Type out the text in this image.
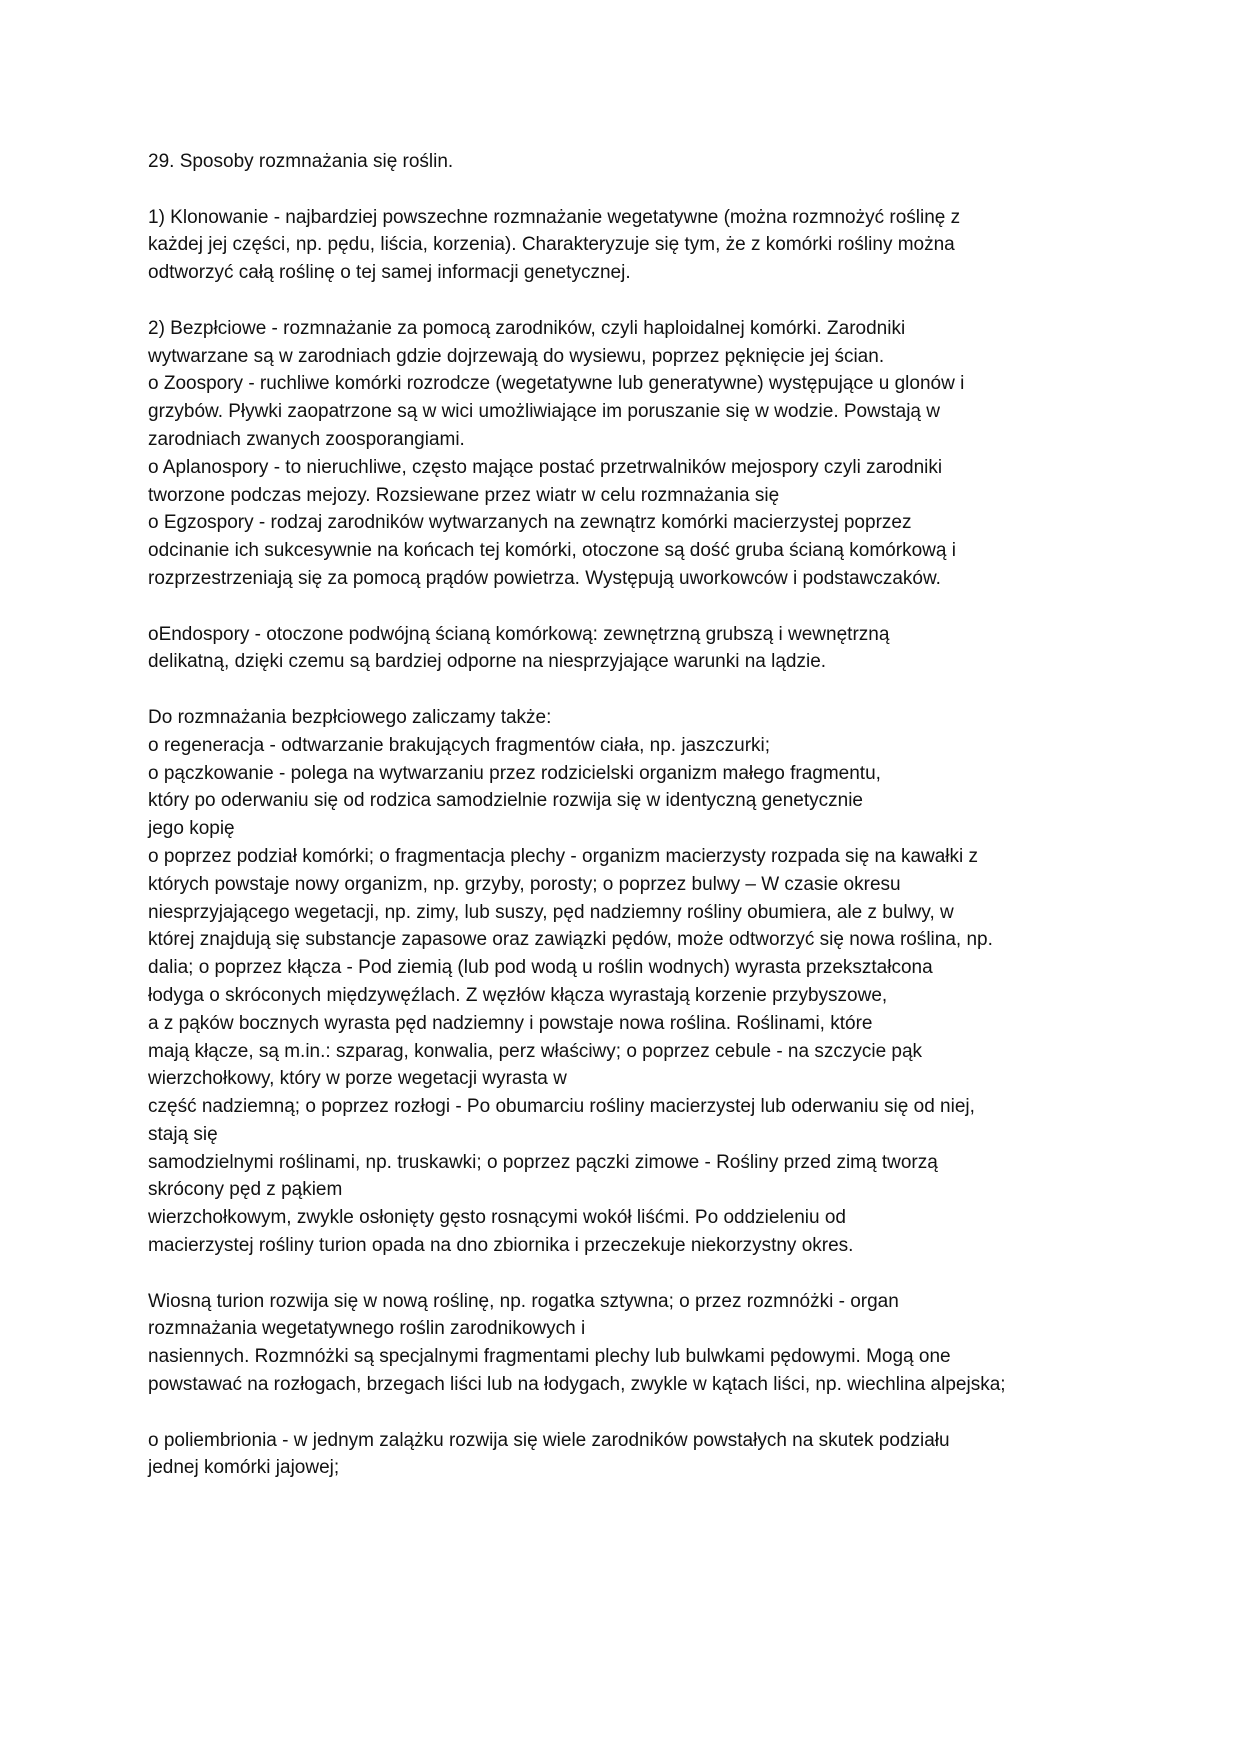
29. Sposoby rozmnażania się roślin.
1) Klonowanie - najbardziej powszechne rozmnażanie wegetatywne (można rozmnożyć roślinę z
każdej jej części, np. pędu, liścia, korzenia). Charakteryzuje się tym, że z komórki rośliny można
odtworzyć całą roślinę o tej samej informacji genetycznej.
2) Bezpłciowe - rozmnażanie za pomocą zarodników, czyli haploidalnej komórki. Zarodniki
wytwarzane są w zarodniach gdzie dojrzewają do wysiewu, poprzez pęknięcie jej ścian.
o Zoospory - ruchliwe komórki rozrodcze (wegetatywne lub generatywne) występujące u glonów i
grzybów. Pływki zaopatrzone są w wici umożliwiające im poruszanie się w wodzie. Powstają w
zarodniach zwanych zoosporangiami.
o Aplanospory - to nieruchliwe, często mające postać przetrwalników mejospory czyli zarodniki
tworzone podczas mejozy. Rozsiewane przez wiatr w celu rozmnażania się
o Egzospory - rodzaj zarodników wytwarzanych na zewnątrz komórki macierzystej poprzez
odcinanie ich sukcesywnie na końcach tej komórki, otoczone są dość gruba ścianą komórkową i
rozprzestrzeniają się za pomocą prądów powietrza. Występują uworkowców i podstawczaków.
oEndospory - otoczone podwójną ścianą komórkową: zewnętrzną grubszą i wewnętrzną
delikatną, dzięki czemu są bardziej odporne na niesprzyjające warunki na lądzie.
Do rozmnażania bezpłciowego zaliczamy także:
o regeneracja - odtwarzanie brakujących fragmentów ciała, np. jaszczurki;
o pączkowanie - polega na wytwarzaniu przez rodzicielski organizm małego fragmentu,
który po oderwaniu się od rodzica samodzielnie rozwija się w identyczną genetycznie
jego kopię
o poprzez podział komórki; o fragmentacja plechy - organizm macierzysty rozpada się na kawałki z
których powstaje nowy organizm, np. grzyby, porosty; o poprzez bulwy – W czasie okresu
niesprzyjającego wegetacji, np. zimy, lub suszy, pęd nadziemny rośliny obumiera, ale z bulwy, w
której znajdują się substancje zapasowe oraz zawiązki pędów, może odtworzyć się nowa roślina, np.
dalia; o poprzez kłącza - Pod ziemią (lub pod wodą u roślin wodnych) wyrasta przekształcona
łodyga o skróconych międzywęźlach. Z węzłów kłącza wyrastają korzenie przybyszowe,
a z pąków bocznych wyrasta pęd nadziemny i powstaje nowa roślina. Roślinami, które
mają kłącze, są m.in.: szparag, konwalia, perz właściwy; o poprzez cebule - na szczycie pąk
wierzchołkowy, który w porze wegetacji wyrasta w
część nadziemną; o poprzez rozłogi - Po obumarciu rośliny macierzystej lub oderwaniu się od niej,
stają się
samodzielnymi roślinami, np. truskawki; o poprzez pączki zimowe - Rośliny przed zimą tworzą
skrócony pęd z pąkiem
wierzchołkowym, zwykle osłonięty gęsto rosnącymi wokół liśćmi. Po oddzieleniu od
macierzystej rośliny turion opada na dno zbiornika i przeczekuje niekorzystny okres.
Wiosną turion rozwija się w nową roślinę, np. rogatka sztywna; o przez rozmnóżki - organ
rozmnażania wegetatywnego roślin zarodnikowych i
nasiennych. Rozmnóżki są specjalnymi fragmentami plechy lub bulwkami pędowymi. Mogą one
powstawać na rozłogach, brzegach liści lub na łodygach, zwykle w kątach liści, np. wiechlina alpejska;
o poliembrionia - w jednym zalążku rozwija się wiele zarodników powstałych na skutek podziału
jednej komórki jajowej;
